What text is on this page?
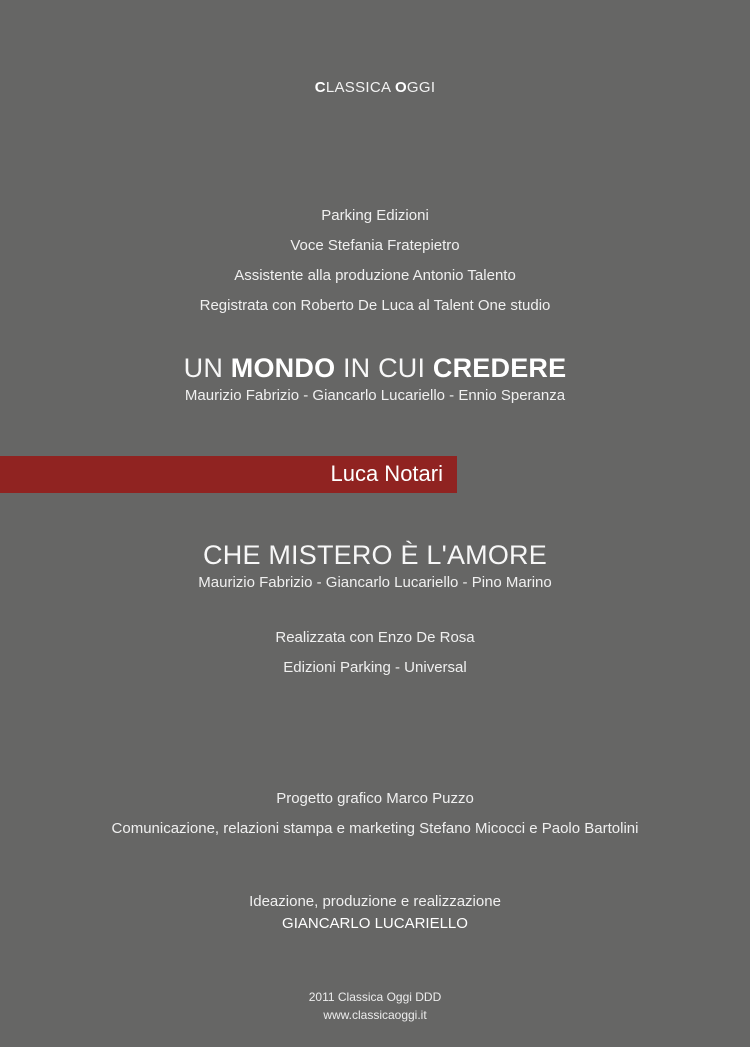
CLASSICA OGGI
Parking Edizioni
Voce Stefania Fratepietro
Assistente alla produzione Antonio Talento
Registrata con Roberto De Luca al Talent One studio
UN MONDO IN CUI CREDERE
Maurizio Fabrizio - Giancarlo Lucariello - Ennio Speranza
Luca Notari
CHE MISTERO È L'AMORE
Maurizio Fabrizio - Giancarlo Lucariello - Pino Marino
Realizzata con Enzo De Rosa
Edizioni Parking - Universal
Progetto grafico Marco Puzzo
Comunicazione, relazioni stampa e marketing Stefano Micocci e Paolo Bartolini
Ideazione, produzione e realizzazione
GIANCARLO LUCARIELLO
2011 Classica Oggi DDD
www.classicaoggi.it
